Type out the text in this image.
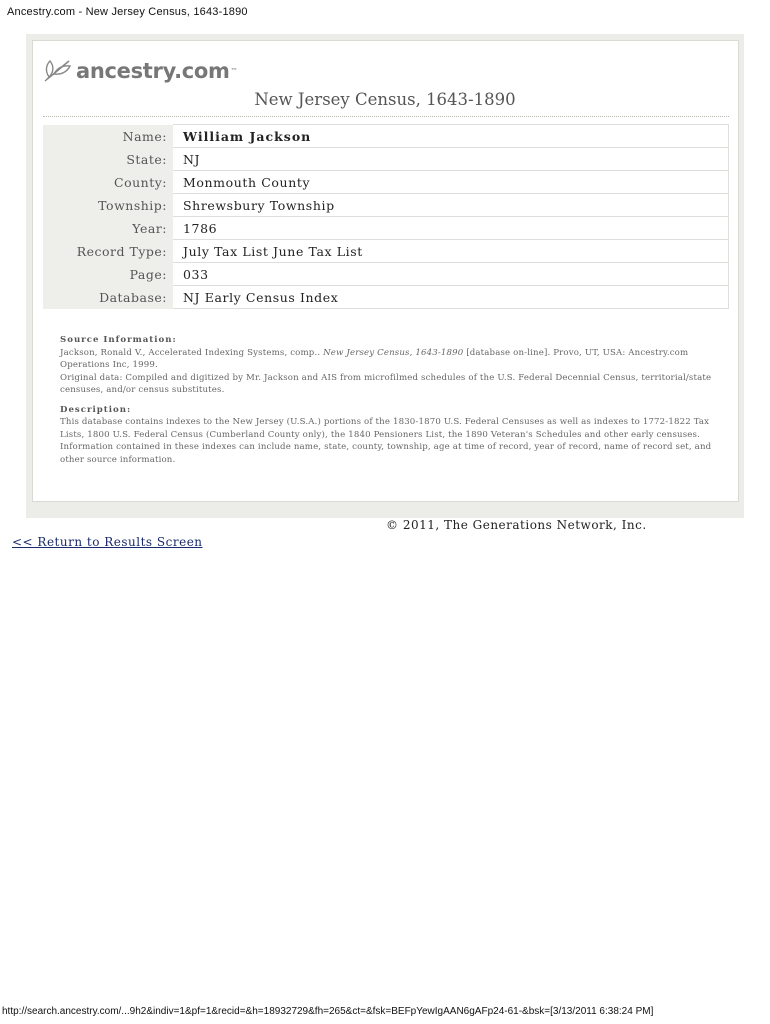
Ancestry.com - New Jersey Census, 1643-1890
ancestry.com ™
New Jersey Census, 1643-1890
Name:	William Jackson
State:	NJ
County:	Monmouth County
Township:	Shrewsbury Township
Year:	1786
Record Type:	July Tax List June Tax List
Page:	033
Database:	NJ Early Census Index
Source Information:
Jackson, Ronald V., Accelerated Indexing Systems, comp.. New Jersey Census, 1643-1890 [database on-line]. Provo, UT, USA: Ancestry.com Operations Inc, 1999.
Original data: Compiled and digitized by Mr. Jackson and AIS from microfilmed schedules of the U.S. Federal Decennial Census, territorial/state censuses, and/or census substitutes.
Description:
This database contains indexes to the New Jersey (U.S.A.) portions of the 1830-1870 U.S. Federal Censuses as well as indexes to 1772-1822 Tax Lists, 1800 U.S. Federal Census (Cumberland County only), the 1840 Pensioners List, the 1890 Veteran's Schedules and other early censuses. Information contained in these indexes can include name, state, county, township, age at time of record, year of record, name of record set, and other source information.
© 2011, The Generations Network, Inc.
<< Return to Results Screen
http://search.ancestry.com/...9h2&indiv=1&pf=1&recid=&h=18932729&fh=265&ct=&fsk=BEFpYewIgAAN6gAFp24-61-&bsk=[3/13/2011 6:38:24 PM]
